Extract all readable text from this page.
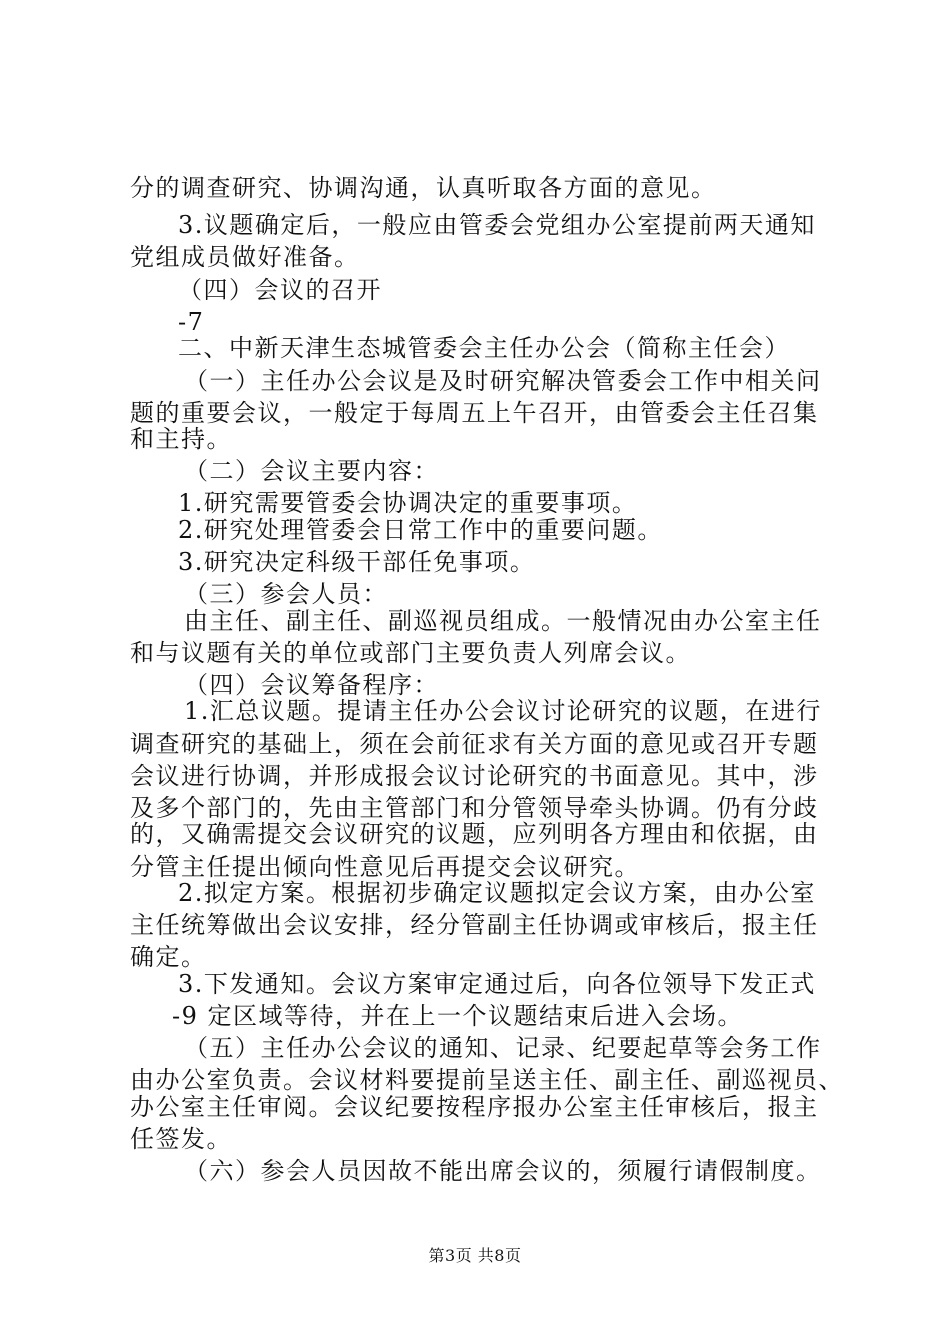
分的调查研究、协调沟通，认真听取各方面的意见。
3.议题确定后，一般应由管委会党组办公室提前两天通知
党组成员做好准备。
（四）会议的召开
-7
二、中新天津生态城管委会主任办公会（简称主任会）
（一）主任办公会议是及时研究解决管委会工作中相关问
题的重要会议，一般定于每周五上午召开，由管委会主任召集
和主持。
（二）会议主要内容：
1.研究需要管委会协调决定的重要事项。
2.研究处理管委会日常工作中的重要问题。
3.研究决定科级干部任免事项。
（三）参会人员：
由主任、副主任、副巡视员组成。一般情况由办公室主任
和与议题有关的单位或部门主要负责人列席会议。
（四）会议筹备程序：
1.汇总议题。提请主任办公会议讨论研究的议题，在进行
调查研究的基础上，须在会前征求有关方面的意见或召开专题
会议进行协调，并形成报会议讨论研究的书面意见。其中，涉
及多个部门的，先由主管部门和分管领导牵头协调。仍有分歧
的，又确需提交会议研究的议题，应列明各方理由和依据，由
分管主任提出倾向性意见后再提交会议研究。
2.拟定方案。根据初步确定议题拟定会议方案，由办公室
主任统筹做出会议安排，经分管副主任协调或审核后，报主任
确定。
3.下发通知。会议方案审定通过后，向各位领导下发正式
-9 定区域等待，并在上一个议题结束后进入会场。
（五）主任办公会议的通知、记录、纪要起草等会务工作
由办公室负责。会议材料要提前呈送主任、副主任、副巡视员、
办公室主任审阅。会议纪要按程序报办公室主任审核后，报主
任签发。
（六）参会人员因故不能出席会议的，须履行请假制度。
第3页 共8页
